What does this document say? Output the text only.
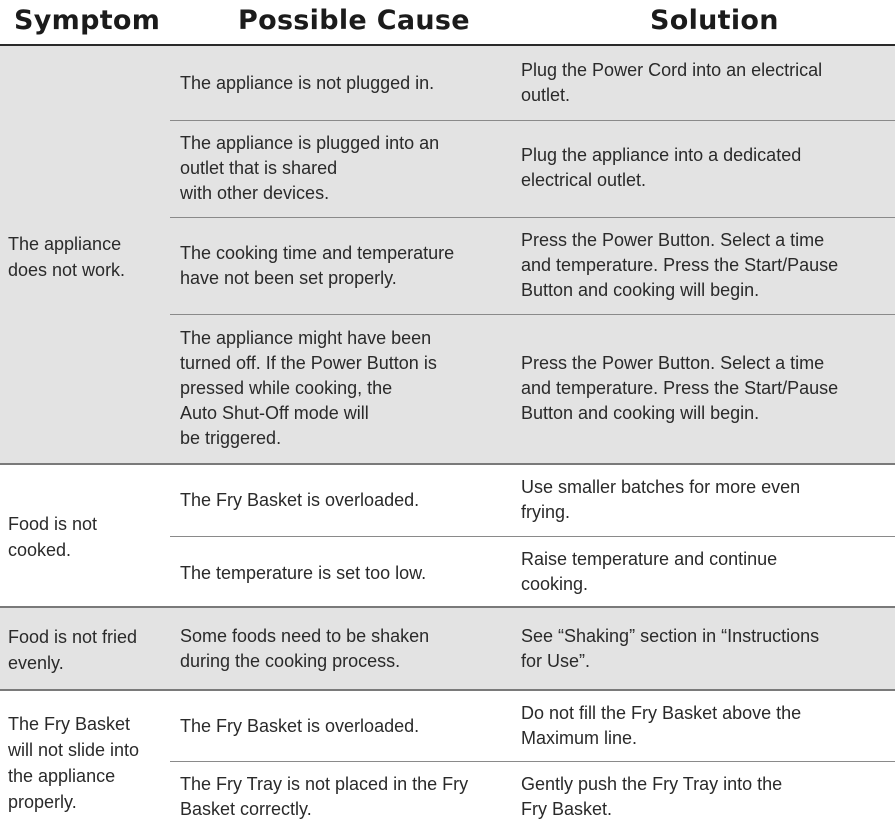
Symptom	Possible Cause	Solution
The appliance
does not work.
The appliance is not plugged in.
Plug the Power Cord into an electrical
outlet.
The appliance is plugged into an
outlet that is shared
with other devices.
Plug the appliance into a dedicated
electrical outlet.
The cooking time and temperature
have not been set properly.
Press the Power Button. Select a time
and temperature. Press the Start/Pause
Button and cooking will begin.
The appliance might have been
turned off. If the Power Button is
pressed while cooking, the
Auto Shut-Off mode will
be triggered.
Press the Power Button. Select a time
and temperature. Press the Start/Pause
Button and cooking will begin.
Food is not
cooked.
The Fry Basket is overloaded.
Use smaller batches for more even
frying.
The temperature is set too low.
Raise temperature and continue
cooking.
Food is not fried
evenly.
Some foods need to be shaken
during the cooking process.
See “Shaking” section in “Instructions
for Use”.
The Fry Basket
will not slide into
the appliance
properly.
The Fry Basket is overloaded.
Do not fill the Fry Basket above the
Maximum line.
The Fry Tray is not placed in the Fry
Basket correctly.
Gently push the Fry Tray into the
Fry Basket.
